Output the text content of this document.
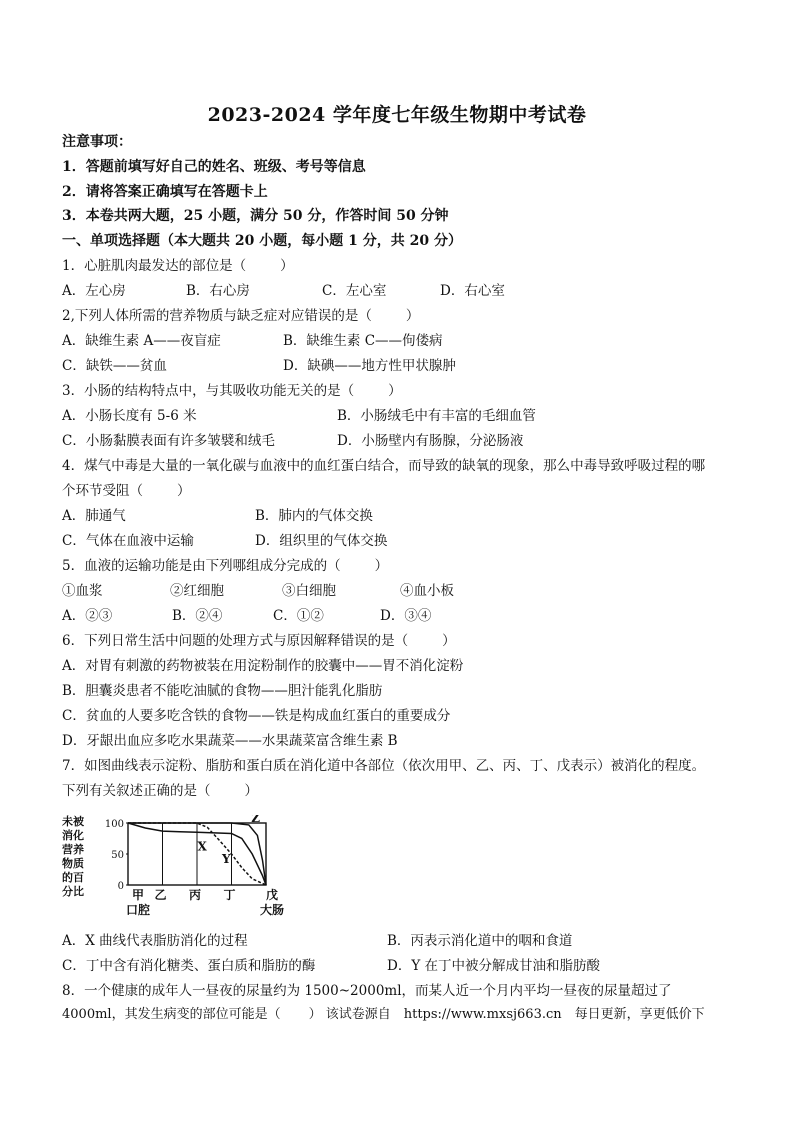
2023-2024 学年度七年级生物期中考试卷
注意事项：
1．答题前填写好自己的姓名、班级、考号等信息
2．请将答案正确填写在答题卡上
3．本卷共两大题，25 小题，满分 50 分，作答时间 50 分钟
一、单项选择题（本大题共 20 小题，每小题 1 分，共 20 分）
1．心脏肌肉最发达的部位是（	）
A．左心房	B．右心房	C．左心室	D．右心室
2,下列人体所需的营养物质与缺乏症对应错误的是（	）
A．缺维生素 A——夜盲症	B．缺维生素 C——佝偻病
C．缺铁——贫血	D．缺碘——地方性甲状腺肿
3．小肠的结构特点中，与其吸收功能无关的是（	）
A．小肠长度有 5-6 米	B．小肠绒毛中有丰富的毛细血管
C．小肠黏膜表面有许多皱襞和绒毛	D．小肠壁内有肠腺，分泌肠液
4．煤气中毒是大量的一氧化碳与血液中的血红蛋白结合，而导致的缺氧的现象，那么中毒导致呼吸过程的哪
个环节受阻（	）
A．肺通气	B．肺内的气体交换
C．气体在血液中运输	D．组织里的气体交换
5．血液的运输功能是由下列哪组成分完成的（	）
①血浆	②红细胞	③白细胞	④血小板
A．②③	B．②④	C．①②	D．③④
6．下列日常生活中问题的处理方式与原因解释错误的是（	）
A．对胃有刺激的药物被装在用淀粉制作的胶囊中——胃不消化淀粉
B．胆囊炎患者不能吃油腻的食物——胆汁能乳化脂肪
C．贫血的人要多吃含铁的食物——铁是构成血红蛋白的重要成分
D．牙龈出血应多吃水果蔬菜——水果蔬菜富含维生素 B
7．如图曲线表示淀粉、脂肪和蛋白质在消化道中各部位（依次用甲、乙、丙、丁、戊表示）被消化的程度。
下列有关叙述正确的是（	）
未被
消化
营养
物质
的百
分比	0
50
100
甲
口腔
乙 丙 丁	戊
大肠
X
Y
Z
A．X 曲线代表脂肪消化的过程	B．丙表示消化道中的咽和食道
C．丁中含有消化糖类、蛋白质和脂肪的酶	D．Y 在丁中被分解成甘油和脂肪酸
8．一个健康的成年人一昼夜的尿量约为 1500~2000ml，而某人近一个月内平均一昼夜的尿量超过了
4000ml，其发生病变的部位可能是（ ） 该试卷源自　https://www.mxsj663.cn　每日更新，享更低价下
